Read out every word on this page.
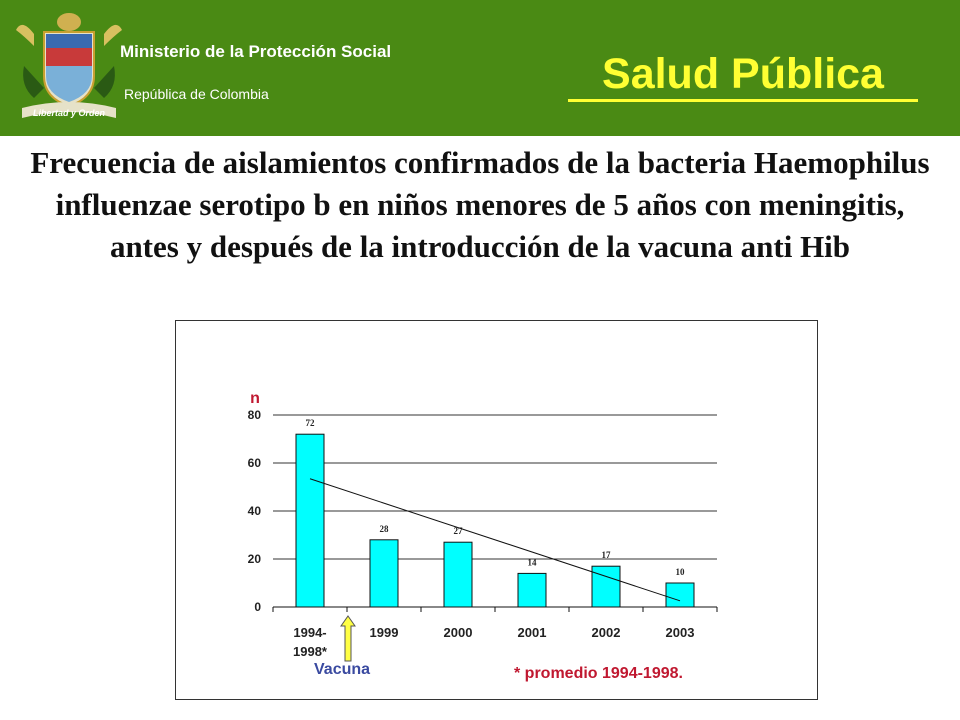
Libertad y Orden
Ministerio de la Protección Social
República de Colombia	Salud Pública
Frecuencia de aislamientos confirmados de la bacteria Haemophilus influenzae serotipo b en niños menores de 5 años con meningitis, antes y después de la introducción de la vacuna anti Hib
72
28	27
14
17
10
0
20
40
60
80
1994-
1998*
1999	2000	2001	2002	2003
n
Vacuna	* promedio 1994-1998.
